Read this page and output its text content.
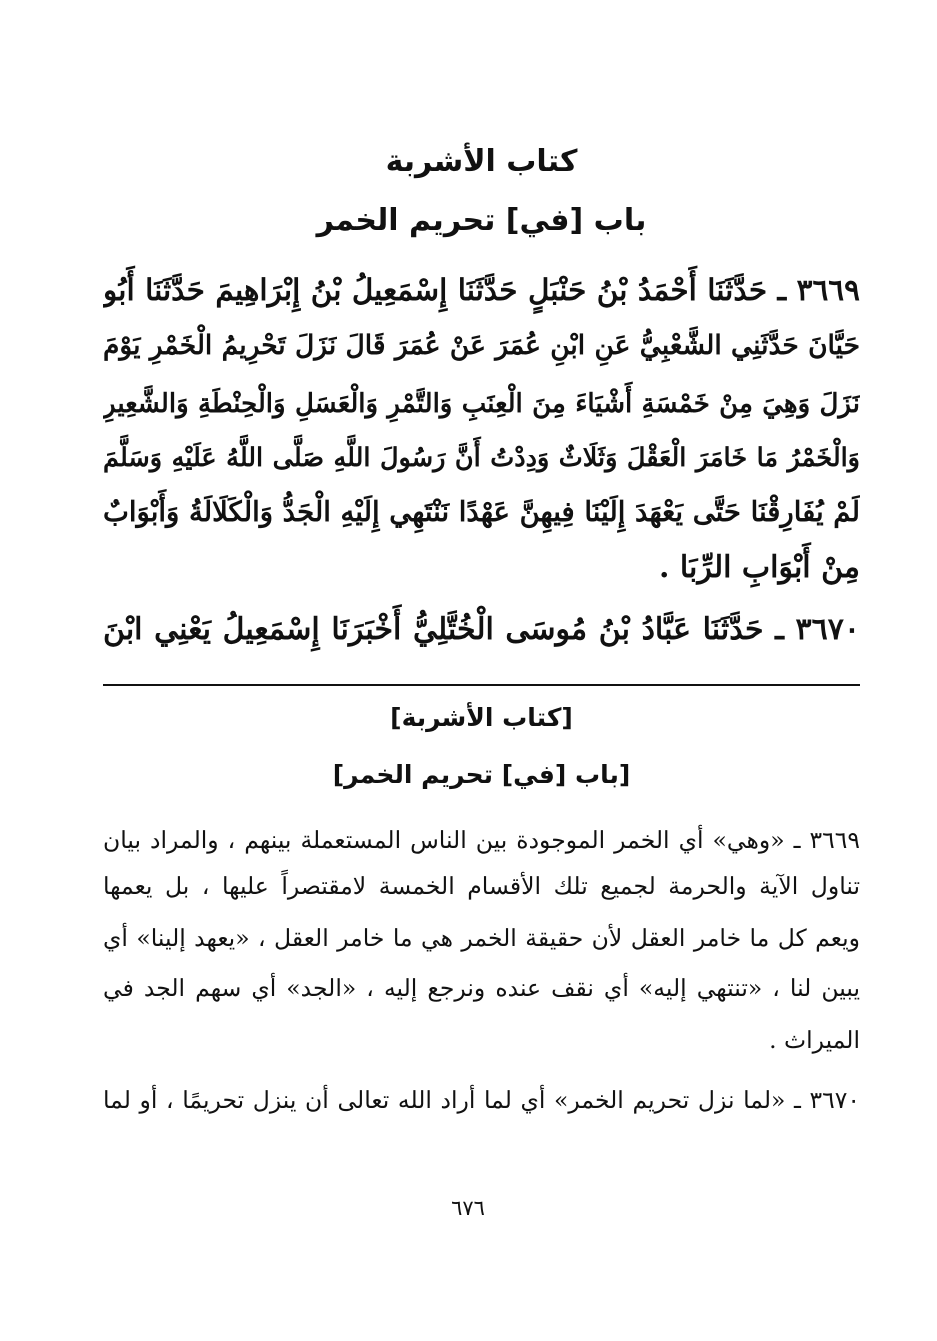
كتاب الأشربة
باب [في] تحريم الخمر
٣٦٦٩ ـ حَدَّثَنَا أَحْمَدُ بْنُ حَنْبَلٍ حَدَّثَنَا إِسْمَعِيلُ بْنُ إِبْرَاهِيمَ حَدَّثَنَا أَبُو
حَيَّانَ حَدَّثَنِي الشَّعْبِيُّ عَنِ ابْنِ عُمَرَ عَنْ عُمَرَ قَالَ نَزَلَ تَحْرِيمُ الْخَمْرِ يَوْمَ
نَزَلَ وَهِيَ مِنْ خَمْسَةِ أَشْيَاءَ مِنَ الْعِنَبِ وَالتَّمْرِ وَالْعَسَلِ وَالْحِنْطَةِ وَالشَّعِيرِ
وَالْخَمْرُ مَا خَامَرَ الْعَقْلَ وَثَلَاثٌ وَدِدْتُ أَنَّ رَسُولَ اللَّهِ صَلَّى اللَّهُ عَلَيْهِ وَسَلَّمَ
لَمْ يُفَارِقْنَا حَتَّى يَعْهَدَ إِلَيْنَا فِيهِنَّ عَهْدًا نَنْتَهِي إِلَيْهِ الْجَدُّ وَالْكَلَالَةُ وَأَبْوَابٌ
مِنْ أَبْوَابِ الرِّبَا .
٣٦٧٠ ـ حَدَّثَنَا عَبَّادُ بْنُ مُوسَى الْخُتَّلِيُّ أَخْبَرَنَا إِسْمَعِيلُ يَعْنِي ابْنَ
[كتاب الأشربة]
[باب [في] تحريم الخمر]
٣٦٦٩ ـ «وهي» أي الخمر الموجودة بين الناس المستعملة بينهم ، والمراد بيان
تناول الآية والحرمة لجميع تلك الأقسام الخمسة لامقتصراً عليها ، بل يعمها
ويعم كل ما خامر العقل لأن حقيقة الخمر هي ما خامر العقل ، «يعهد إلينا» أي
يبين لنا ، «تنتهي إليه» أي نقف عنده ونرجع إليه ، «الجد» أي سهم الجد في
الميراث .
٣٦٧٠ ـ «لما نزل تحريم الخمر» أي لما أراد الله تعالى أن ينزل تحريمًا ، أو لما
٦٧٦
